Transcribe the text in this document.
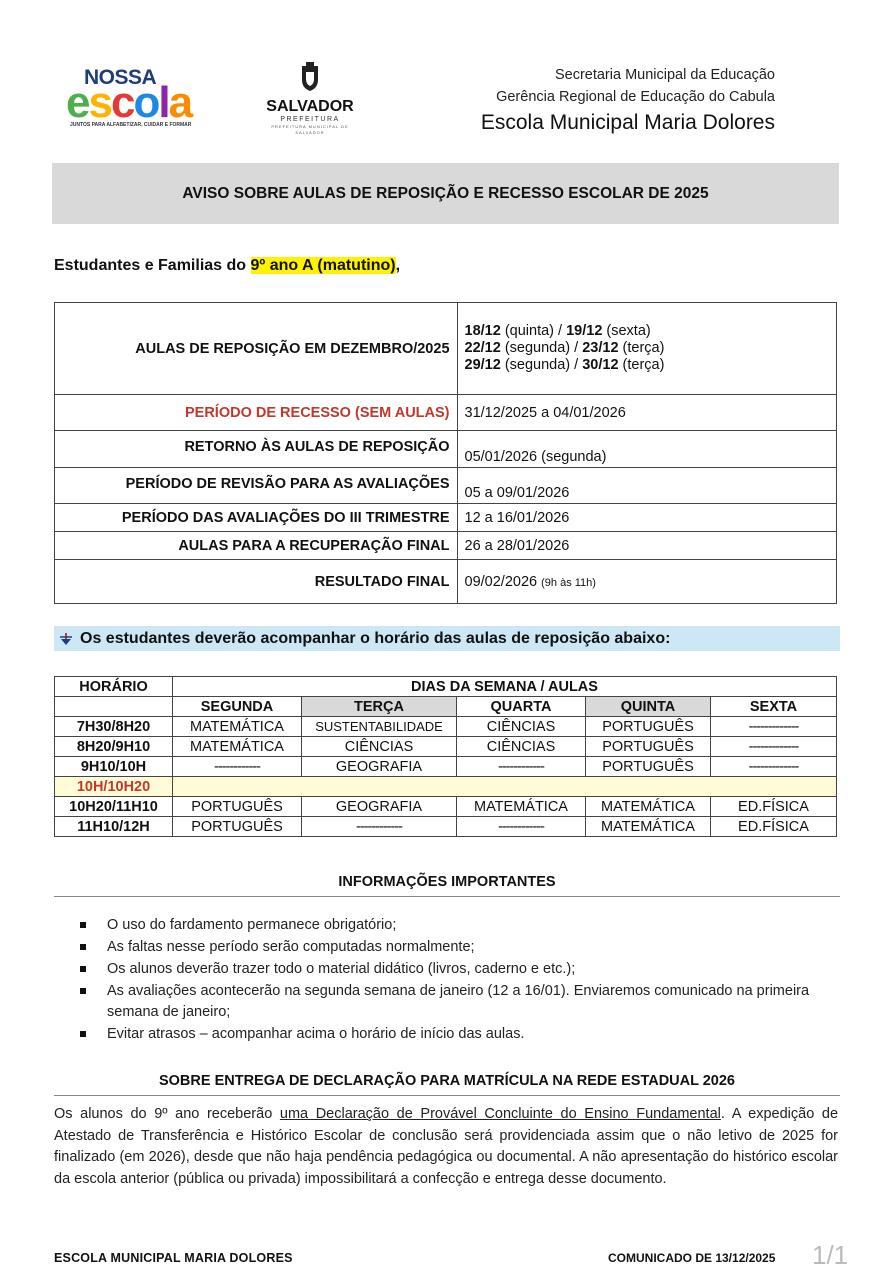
NOSSA
escola
JUNTOS PARA ALFABETIZAR, CUIDAR E FORMAR
SALVADOR
PREFEITURA
PREFEITURA MUNICIPAL DE SALVADOR
Secretaria Municipal da Educação
Gerência Regional de Educação do Cabula
Escola Municipal Maria Dolores
AVISO SOBRE AULAS DE REPOSIÇÃO E RECESSO ESCOLAR DE 2025
Estudantes e Familias do 9º ano A (matutino),
AULAS DE REPOSIÇÃO EM DEZEMBRO/2025	18/12 (quinta) / 19/12 (sexta)
22/12 (segunda) / 23/12 (terça)
29/12 (segunda) / 30/12 (terça)

PERÍODO DE RECESSO (SEM AULAS)	31/12/2025 a 04/01/2026
RETORNO ÀS AULAS DE REPOSIÇÃO	05/01/2026 (segunda)
PERÍODO DE REVISÃO PARA AS AVALIAÇÕES	05 a 09/01/2026
PERÍODO DAS AVALIAÇÕES DO III TRIMESTRE	12 a 16/01/2026
AULAS PARA A RECUPERAÇÃO FINAL	26 a 28/01/2026
RESULTADO FINAL	09/02/2026 (9h às 11h)
Os estudantes deverão acompanhar o horário das aulas de reposição abaixo:
HORÁRIO	DIAS DA SEMANA / AULAS				
	SEGUNDA	TERÇA	QUARTA	QUINTA	SEXTA
7H30/8H20	MATEMÁTICA	SUSTENTABILIDADE	CIÊNCIAS	PORTUGUÊS	-------------
8H20/9H10	MATEMÁTICA	CIÊNCIAS	CIÊNCIAS	PORTUGUÊS	-------------
9H10/10H	------------	GEOGRAFIA	------------	PORTUGUÊS	-------------
10H/10H20					
10H20/11H10	PORTUGUÊS	GEOGRAFIA	MATEMÁTICA	MATEMÁTICA	ED.FÍSICA
11H10/12H	PORTUGUÊS	------------	------------	MATEMÁTICA	ED.FÍSICA
INFORMAÇÕES IMPORTANTES
O uso do fardamento permanece obrigatório;
As faltas nesse período serão computadas normalmente;
Os alunos deverão trazer todo o material didático (livros, caderno e etc.);
As avaliações acontecerão na segunda semana de janeiro (12 a 16/01). Enviaremos comunicado na primeira semana de janeiro;
Evitar atrasos – acompanhar acima o horário de início das aulas.
SOBRE ENTREGA DE DECLARAÇÃO PARA MATRÍCULA NA REDE ESTADUAL 2026
Os alunos do 9º ano receberão uma Declaração de Provável Concluinte do Ensino Fundamental. A expedição de Atestado de Transferência e Histórico Escolar de conclusão será providenciada assim que o não letivo de 2025 for finalizado (em 2026), desde que não haja pendência pedagógica ou documental. A não apresentação do histórico escolar da escola anterior (pública ou privada) impossibilitará a confecção e entrega desse documento.
ESCOLA MUNICIPAL MARIA DOLORES	COMUNICADO DE 13/12/2025 1/1
